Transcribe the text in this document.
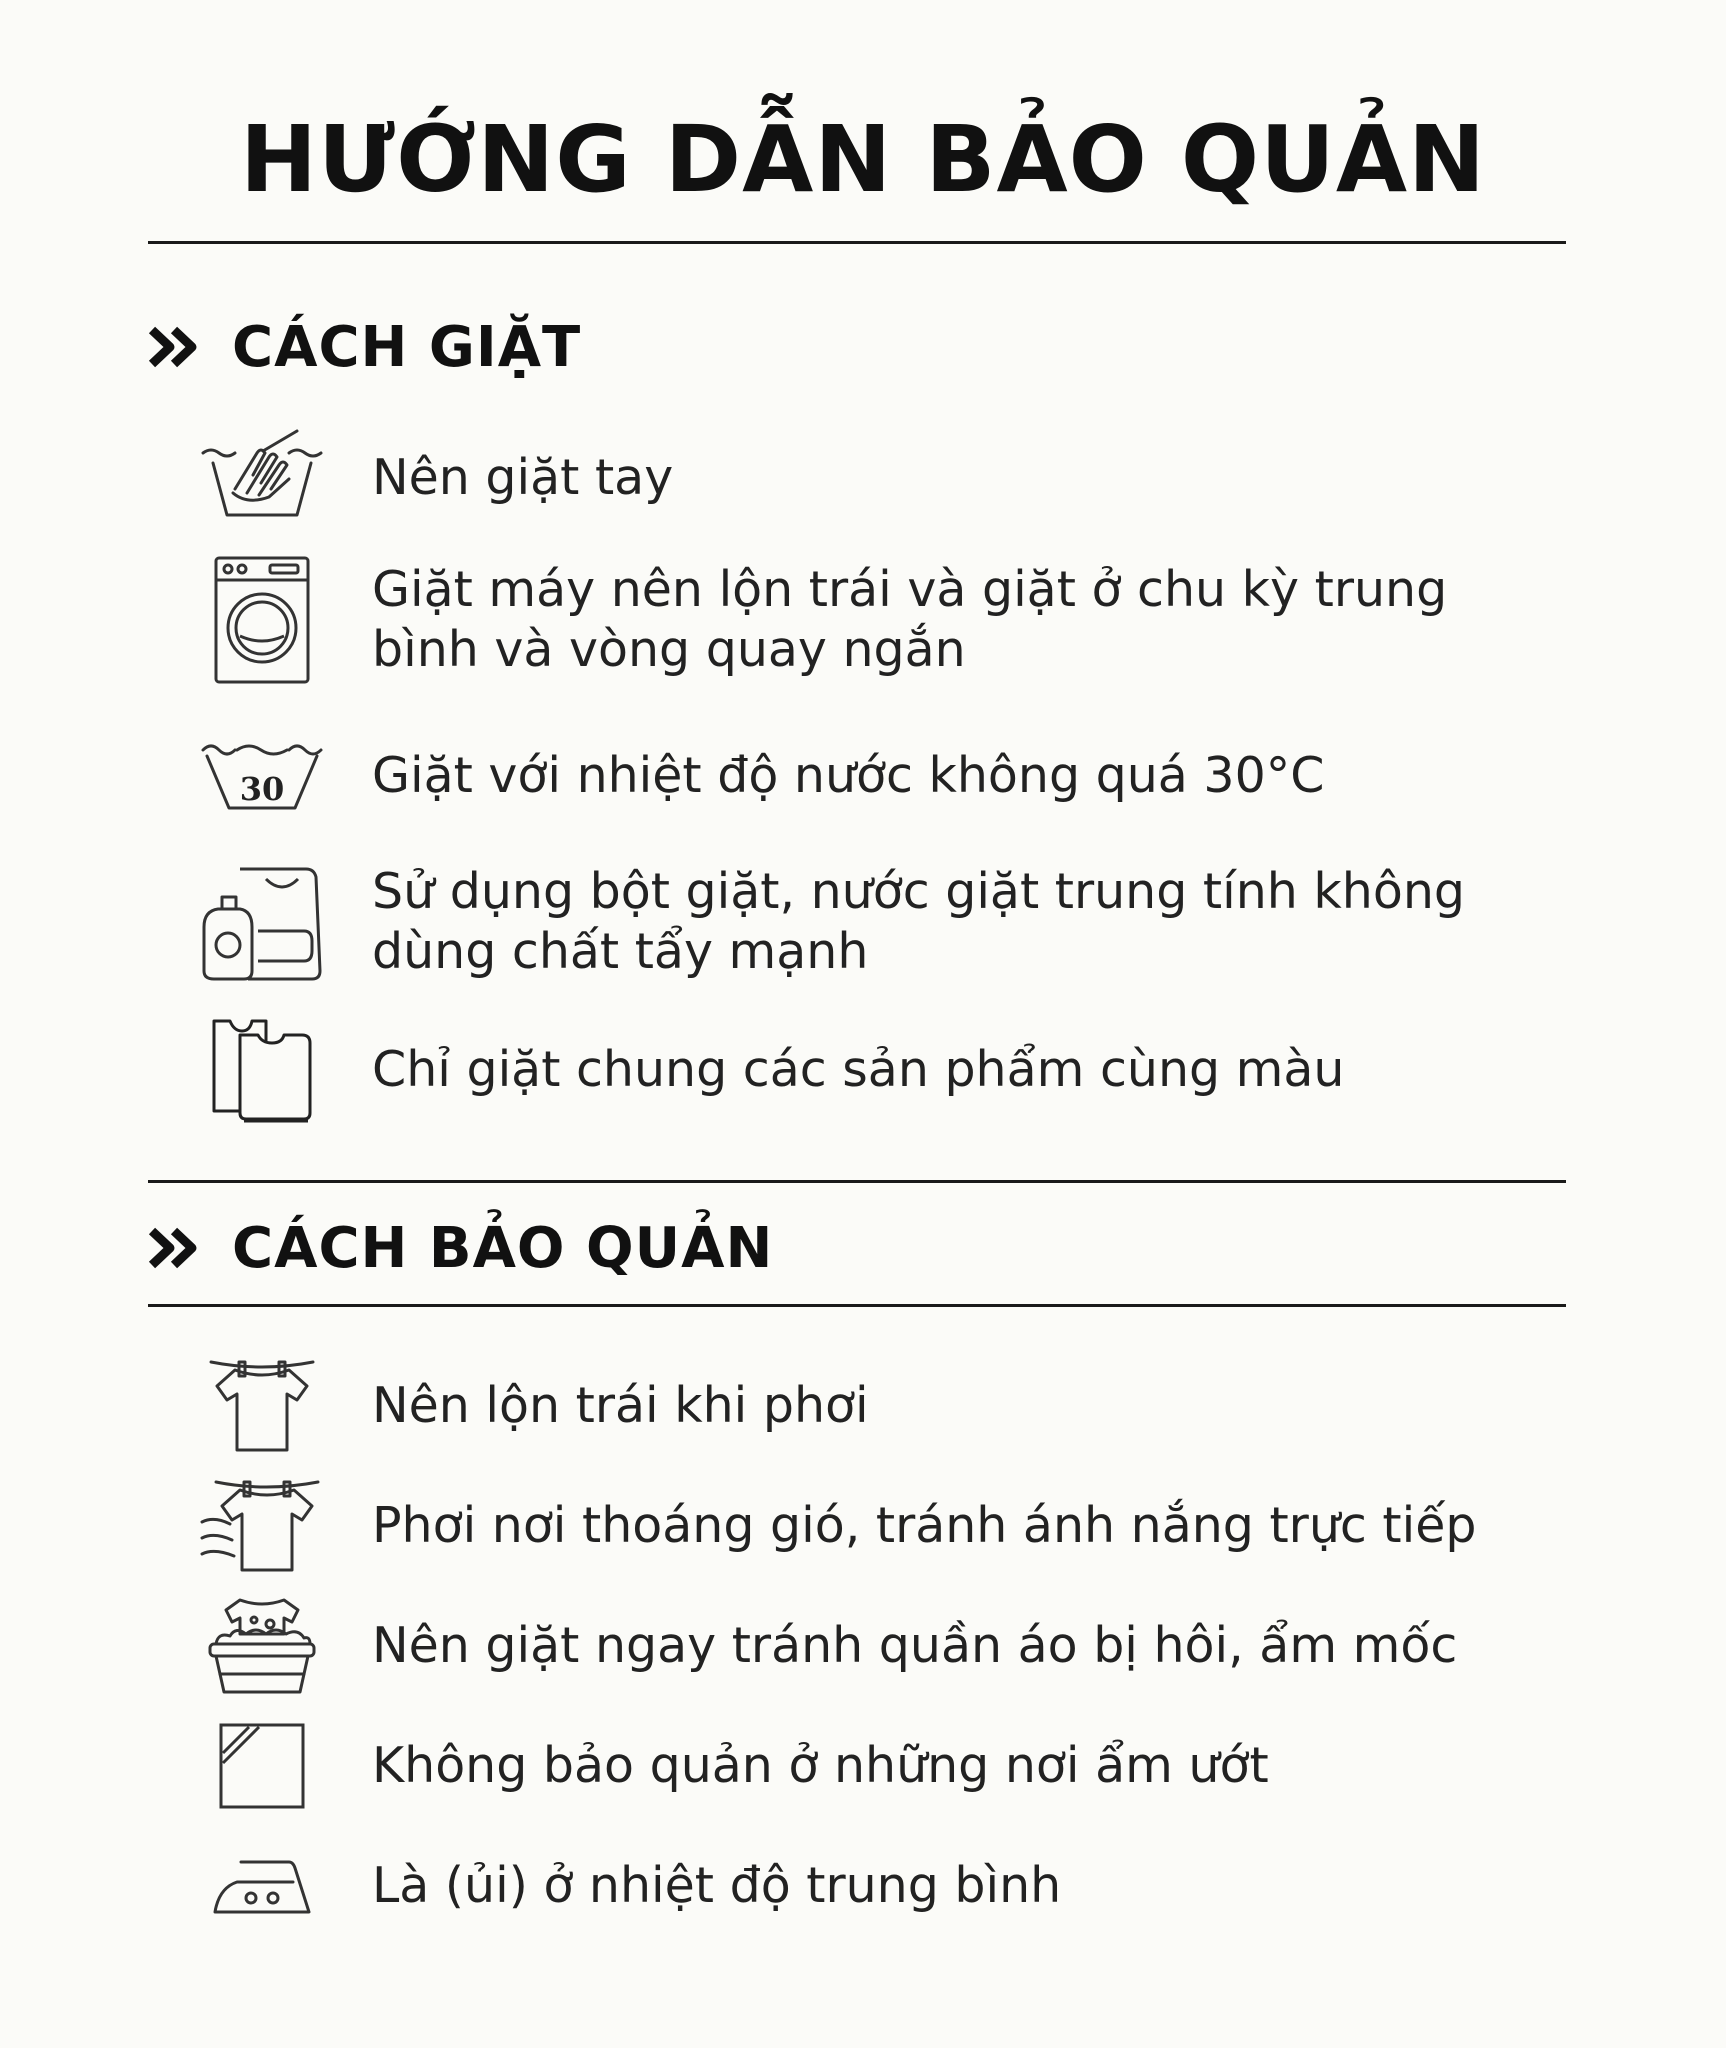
HƯỚNG DẪN BẢO QUẢN
CÁCH GIẶT
Nên giặt tay
Giặt máy nên lộn trái và giặt ở chu kỳ trung bình và vòng quay ngắn
30 Giặt với nhiệt độ nước không quá 30°C
Sử dụng bột giặt, nước giặt trung tính không dùng chất tẩy mạnh
Chỉ giặt chung các sản phẩm cùng màu
CÁCH BẢO QUẢN
Nên lộn trái khi phơi
Phơi nơi thoáng gió, tránh ánh nắng trực tiếp
Nên giặt ngay tránh quần áo bị hôi, ẩm mốc
Không bảo quản ở những nơi ẩm ướt
Là (ủi) ở nhiệt độ trung bình
